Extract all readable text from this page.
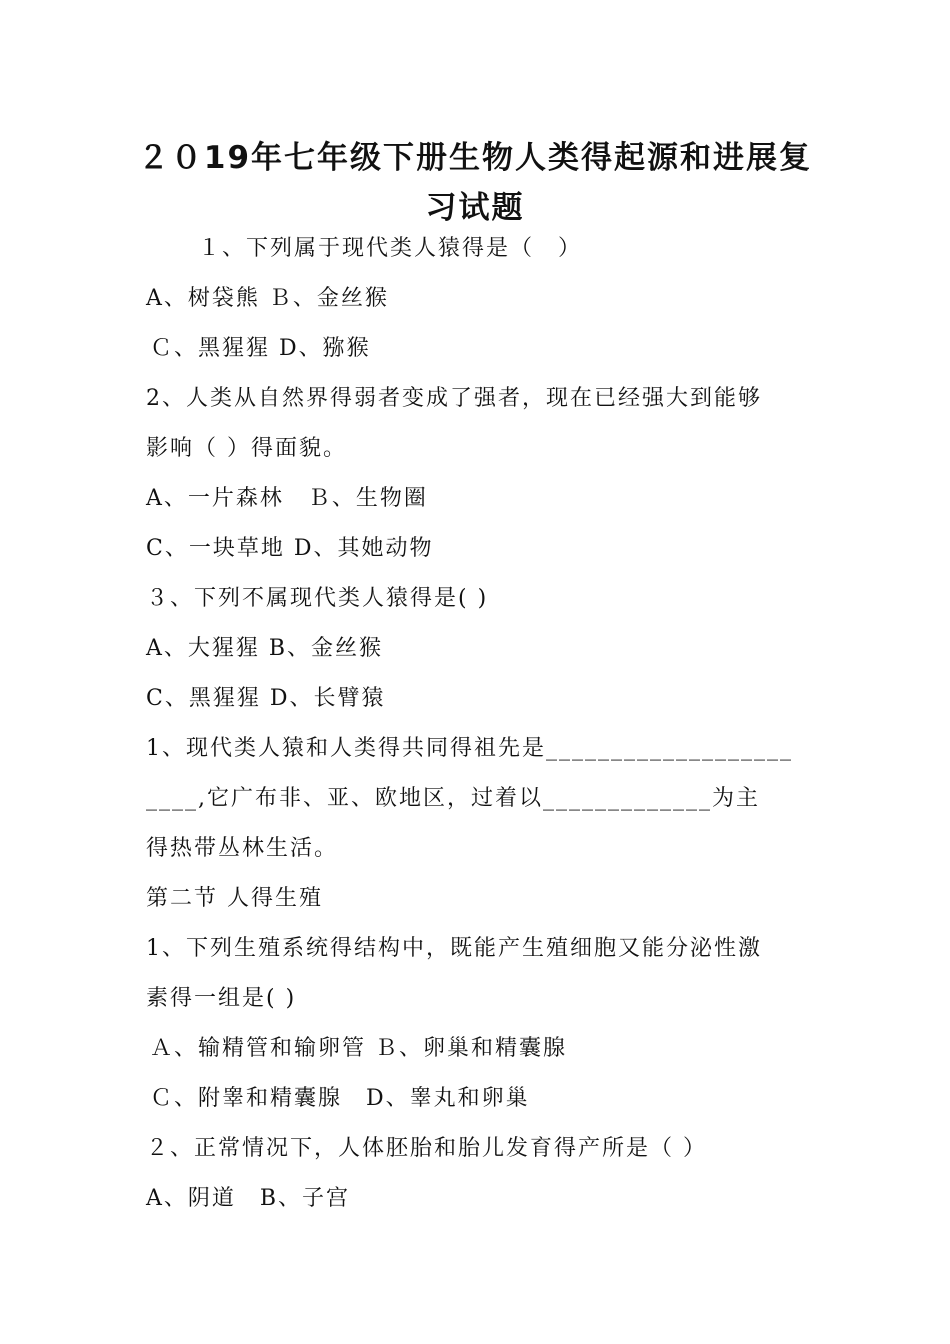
２０19年七年级下册生物人类得起源和进展复
习试题
１、下列属于现代类人猿得是（　）
A、树袋熊 Ｂ、金丝猴
Ｃ、黑猩猩 D、猕猴
2、人类从自然界得弱者变成了强者，现在已经强大到能够
影响（ ）得面貌。
A、一片森林　Ｂ、生物圈
C、一块草地 D、其她动物
３、下列不属现代类人猿得是( )
A、大猩猩 B、金丝猴
C、黑猩猩 D、长臂猿
1、现代类人猿和人类得共同得祖先是___________________
____,它广布非、亚、欧地区，过着以_____________为主
得热带丛林生活。
第二节 人得生殖
1、下列生殖系统得结构中，既能产生殖细胞又能分泌性激
素得一组是( )
Ａ、输精管和输卵管 Ｂ、卵巢和精囊腺
Ｃ、附睾和精囊腺　D、睾丸和卵巢
２、正常情况下，人体胚胎和胎儿发育得产所是（ ）
A、阴道　B、子宫
